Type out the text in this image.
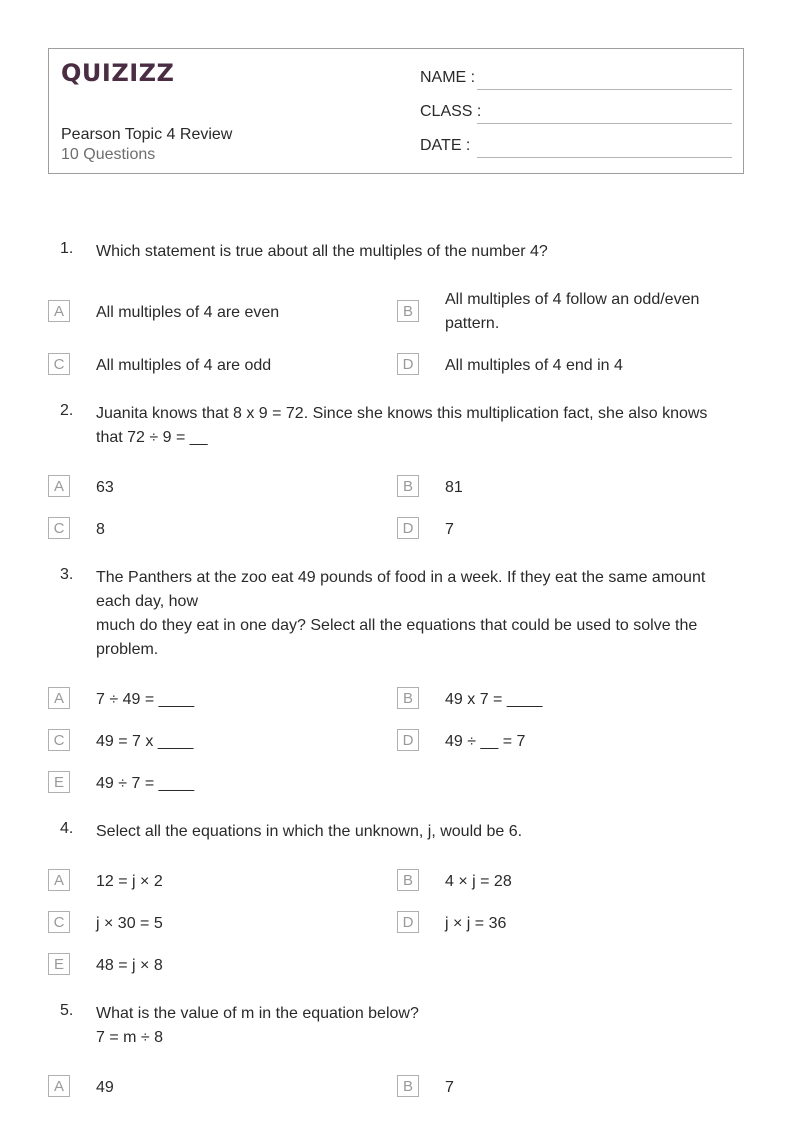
QUIZIZZ
Pearson Topic 4 Review
10 Questions
NAME :
CLASS :
DATE :
1. Which statement is true about all the multiples of the number 4?
A	All multiples of 4 are even	B
All multiples of 4 follow an odd/even pattern.
C	All multiples of 4 are odd	D	All multiples of 4 end in 4
2. Juanita knows that 8 x 9 = 72. Since she knows this multiplication fact, she also knows that 72 ÷ 9 = __
A	63	B	81
C	8	D	7
3. The Panthers at the zoo eat 49 pounds of food in a week. If they eat the same amount each day, how
much do they eat in one day? Select all the equations that could be used to solve the problem.
A	7 ÷ 49 = ____	B	49 x 7 = ____
C	49 = 7 x ____	D	49 ÷ __ = 7
E	49 ÷ 7 = ____
4. Select all the equations in which the unknown, j, would be 6.
A	12 = j × 2	B	4 × j = 28
C	j × 30 = 5	D	j × j = 36
E	48 = j × 8
5. What is the value of m in the equation below?
7 = m ÷ 8
A	49	B	7
